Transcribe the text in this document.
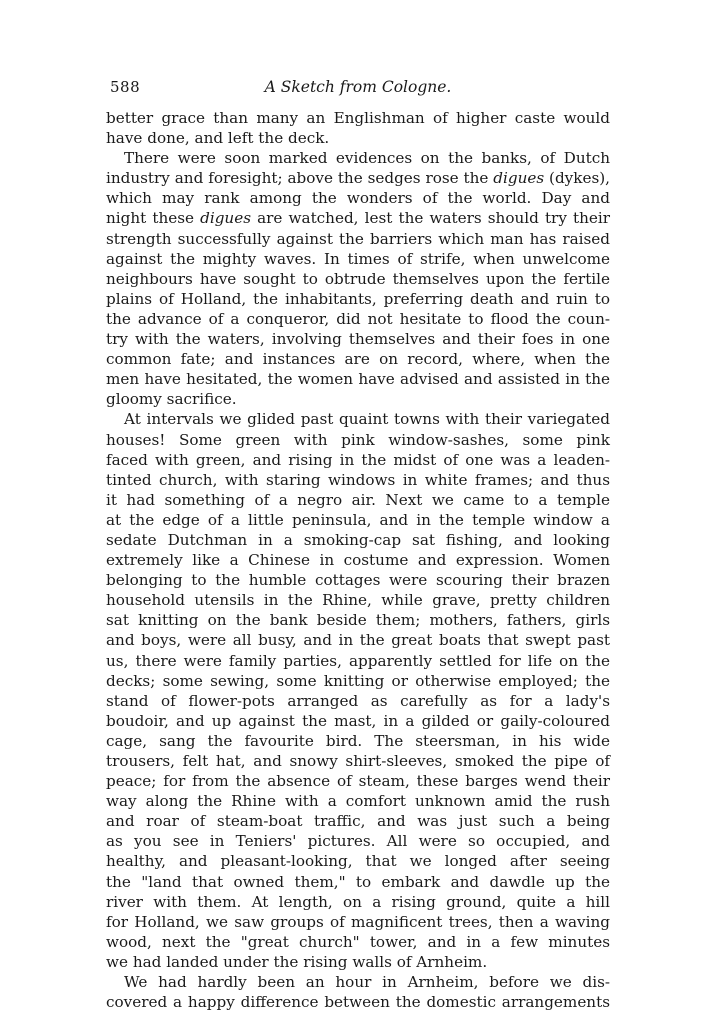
588	A Sketch from Cologne.
better grace than many an Englishman of higher caste would
have done, and left the deck.
There were soon marked evidences on the banks, of Dutch
industry and foresight; above the sedges rose the digues (dykes),
which may rank among the wonders of the world. Day and
night these digues are watched, lest the waters should try their
strength successfully against the barriers which man has raised
against the mighty waves. In times of strife, when unwelcome
neighbours have sought to obtrude themselves upon the fertile
plains of Holland, the inhabitants, preferring death and ruin to
the advance of a conqueror, did not hesitate to flood the coun-
try with the waters, involving themselves and their foes in one
common fate; and instances are on record, where, when the
men have hesitated, the women have advised and assisted in the
gloomy sacrifice.
At intervals we glided past quaint towns with their variegated
houses! Some green with pink window-sashes, some pink
faced with green, and rising in the midst of one was a leaden-
tinted church, with staring windows in white frames; and thus
it had something of a negro air. Next we came to a temple
at the edge of a little peninsula, and in the temple window a
sedate Dutchman in a smoking-cap sat fishing, and looking
extremely like a Chinese in costume and expression. Women
belonging to the humble cottages were scouring their brazen
household utensils in the Rhine, while grave, pretty children
sat knitting on the bank beside them; mothers, fathers, girls
and boys, were all busy, and in the great boats that swept past
us, there were family parties, apparently settled for life on the
decks; some sewing, some knitting or otherwise employed; the
stand of flower-pots arranged as carefully as for a lady's
boudoir, and up against the mast, in a gilded or gaily-coloured
cage, sang the favourite bird. The steersman, in his wide
trousers, felt hat, and snowy shirt-sleeves, smoked the pipe of
peace; for from the absence of steam, these barges wend their
way along the Rhine with a comfort unknown amid the rush
and roar of steam-boat traffic, and was just such a being
as you see in Teniers' pictures. All were so occupied, and
healthy, and pleasant-looking, that we longed after seeing
the "land that owned them," to embark and dawdle up the
river with them. At length, on a rising ground, quite a hill
for Holland, we saw groups of magnificent trees, then a waving
wood, next the "great church" tower, and in a few minutes
we had landed under the rising walls of Arnheim.
We had hardly been an hour in Arnheim, before we dis-
covered a happy difference between the domestic arrangements
